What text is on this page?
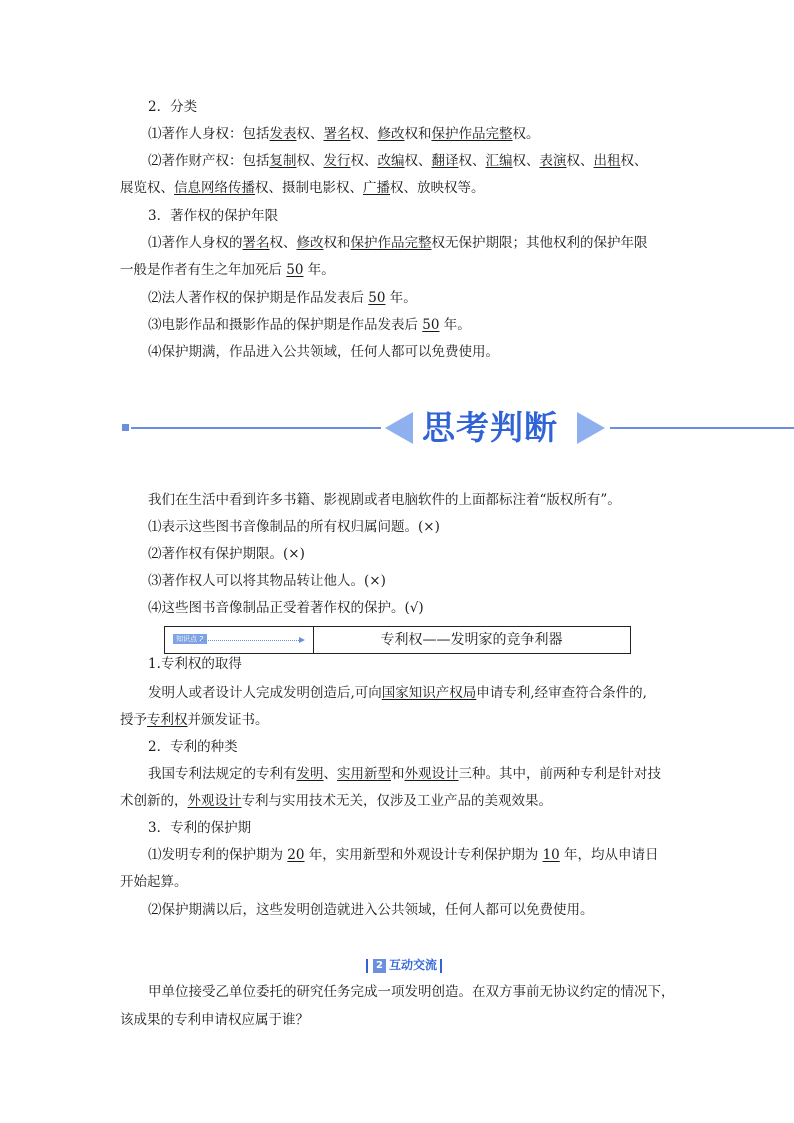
2．分类
⑴著作人身权：包括发表权、署名权、修改权和保护作品完整权。
⑵著作财产权：包括复制权、发行权、改编权、翻译权、汇编权、表演权、出租权、
展览权、信息网络传播权、摄制电影权、广播权、放映权等。
3．著作权的保护年限
⑴著作人身权的署名权、修改权和保护作品完整权无保护期限；其他权利的保护年限
一般是作者有生之年加死后 50 年。
⑵法人著作权的保护期是作品发表后 50 年。
⑶电影作品和摄影作品的保护期是作品发表后 50 年。
⑷保护期满，作品进入公共领域，任何人都可以免费使用。
思考判断
我们在生活中看到许多书籍、影视剧或者电脑软件的上面都标注着“版权所有”。
⑴表示这些图书音像制品的所有权归属问题。(×)
⑵著作权有保护期限。(×)
⑶著作权人可以将其物品转让他人。(×)
⑷这些图书音像制品正受着著作权的保护。(√)
知识点 2	专利权——发明家的竞争利器
1.专利权的取得
发明人或者设计人完成发明创造后,可向国家知识产权局申请专利,经审查符合条件的,
授予专利权并颁发证书。
2．专利的种类
我国专利法规定的专利有发明、实用新型和外观设计三种。其中，前两种专利是针对技
术创新的，外观设计专利与实用技术无关，仅涉及工业产品的美观效果。
3．专利的保护期
⑴发明专利的保护期为 20 年，实用新型和外观设计专利保护期为 10 年，均从申请日
开始起算。
⑵保护期满以后，这些发明创造就进入公共领域，任何人都可以免费使用。
2 互动交流
甲单位接受乙单位委托的研究任务完成一项发明创造。在双方事前无协议约定的情况下，
该成果的专利申请权应属于谁？
